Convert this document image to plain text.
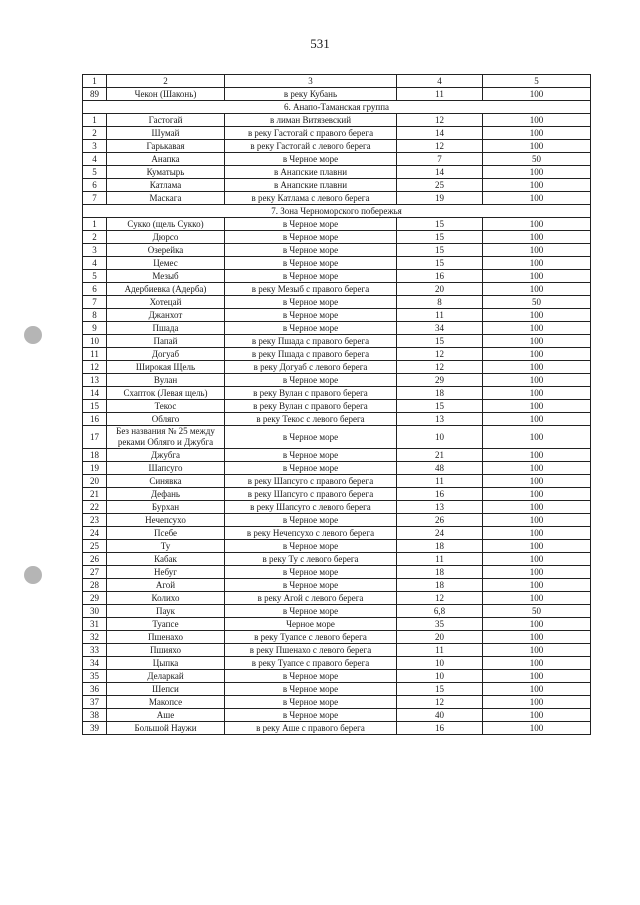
531
1	2	3	4	5
89	Чекон (Шаконь)	в реку Кубань	11	100
6. Анапо-Таманская группа				
1	Гастогай	в лиман Витязевский	12	100
2	Шумай	в реку Гастогай с правого берега	14	100
3	Гарькавая	в реку Гастогай с левого берега	12	100
4	Анапка	в Черное море	7	50
5	Куматырь	в Анапские плавни	14	100
6	Катлама	в Анапские плавни	25	100
7	Маскага	в реку Катлама с левого берега	19	100
7. Зона Черноморского побережья				
1	Сукко (щель Сукко)	в Черное море	15	100
2	Дюрсо	в Черное море	15	100
3	Озерейка	в Черное море	15	100
4	Цемес	в Черное море	15	100
5	Мезыб	в Черное море	16	100
6	Адербиевка (Адерба)	в реку Мезыб с правого берега	20	100
7	Хотецай	в Черное море	8	50
8	Джанхот	в Черное море	11	100
9	Пшада	в Черное море	34	100
10	Папай	в реку Пшада с правого берега	15	100
11	Догуаб	в реку Пшада с правого берега	12	100
12	Широкая Щель	в реку Догуаб с левого берега	12	100
13	Вулан	в Черное море	29	100
14	Схапток (Левая щель)	в реку Вулан с правого берега	18	100
15	Текос	в реку Вулан с правого берега	15	100
16	Обляго	в реку Текос с левого берега	13	100
17	Без названия № 25 между реками Обляго и Джубга	в Черное море	10	100
18	Джубга	в Черное море	21	100
19	Шапсуго	в Черное море	48	100
20	Синявка	в реку Шапсуго с правого берега	11	100
21	Дефань	в реку Шапсуго с правого берега	16	100
22	Бурхан	в реку Шапсуго с левого берега	13	100
23	Нечепсухо	в Черное море	26	100
24	Псебе	в реку Нечепсухо с левого берега	24	100
25	Ту	в Черное море	18	100
26	Кабак	в реку Ту с левого берега	11	100
27	Небуг	в Черное море	18	100
28	Агой	в Черное море	18	100
29	Колихо	в реку Агой с левого берега	12	100
30	Паук	в Черное море	6,8	50
31	Туапсе	Черное море	35	100
32	Пшенахо	в реку Туапсе с левого берега	20	100
33	Пшияхо	в реку Пшенахо с левого берега	11	100
34	Цыпка	в реку Туапсе с правого берега	10	100
35	Деларкай	в Черное море	10	100
36	Шепси	в Черное море	15	100
37	Макопсе	в Черное море	12	100
38	Аше	в Черное море	40	100
39	Большой Наужи	в реку Аше с правого берега	16	100
